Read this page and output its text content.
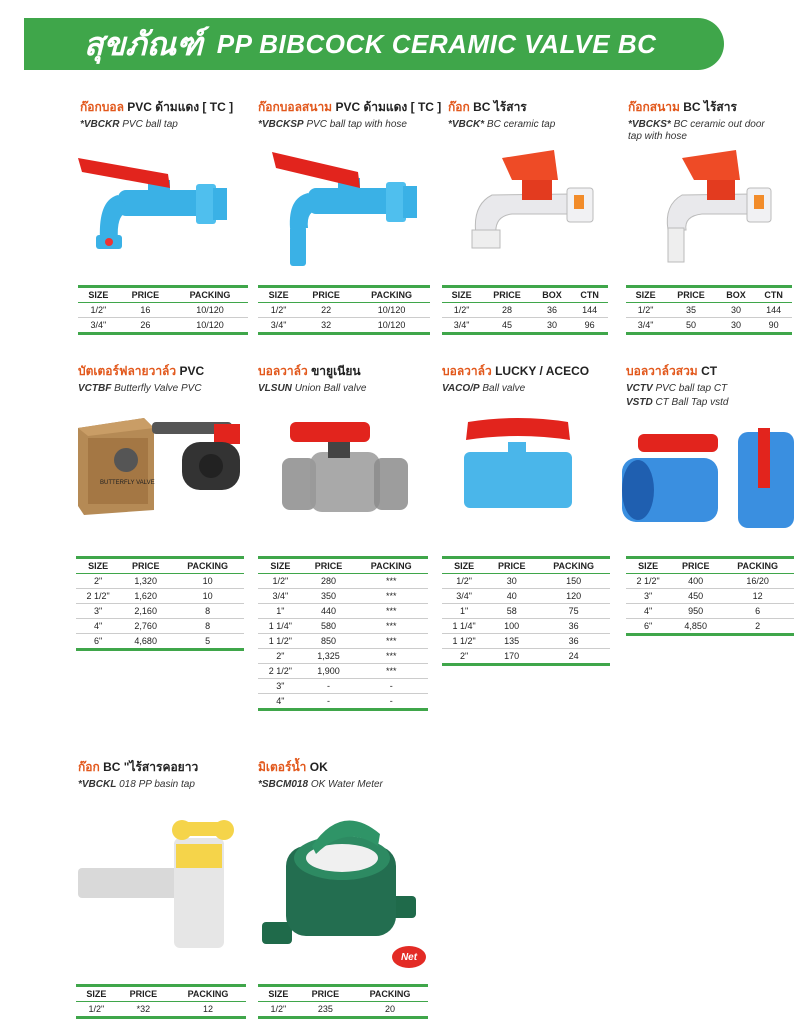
สุขภัณฑ์ PP BIBCOCK CERAMIC VALVE BC
ก๊อกบอล PVC ด้ามแดง [ TC ]
*VBCKR PVC ball tap
ก๊อกบอลสนาม PVC ด้ามแดง [ TC ]
*VBCKSP PVC ball tap with hose
ก๊อก BC ไร้สาร
*VBCK* BC ceramic tap
ก๊อกสนาม BC ไร้สาร
*VBCKS* BC ceramic out door tap with hose
SIZE	PRICE	PACKING
1/2"	16	10/120
3/4"	26	10/120
SIZE	PRICE	PACKING
1/2"	22	10/120
3/4"	32	10/120
SIZE	PRICE	BOX	CTN
1/2"	28	36	144
3/4"	45	30	96
SIZE	PRICE	BOX	CTN
1/2"	35	30	144
3/4"	50	30	90
บัตเตอร์ฟลายวาล์ว PVC
VCTBF Butterfly Valve PVC
บอลวาล์ว ขายูเนียน
VLSUN Union Ball valve
บอลวาล์ว LUCKY / ACECO
VACO/P Ball valve
บอลวาล์วสวม CT
VCTV PVC ball tap CT
VSTD CT Ball Tap vstd
BUTTERFLY VALVE
SIZE	PRICE	PACKING
2"	1,320	10
2 1/2"	1,620	10
3"	2,160	8
4"	2,760	8
6"	4,680	5
SIZE	PRICE	PACKING
1/2"	280	***
3/4"	350	***
1"	440	***
1 1/4"	580	***
1 1/2"	850	***
2"	1,325	***
2 1/2"	1,900	***
3"	-	-
4"	-	-
SIZE	PRICE	PACKING
1/2"	30	150
3/4"	40	120
1"	58	75
1 1/4"	100	36
1 1/2"	135	36
2"	170	24
SIZE	PRICE	PACKING
2 1/2"	400	16/20
3"	450	12
4"	950	6
6"	4,850	2
ก๊อก BC "ไร้สารคอยาว
*VBCKL 018 PP basin tap
มิเตอร์น้ำ OK
*SBCM018 OK Water Meter
Net
SIZE	PRICE	PACKING
1/2"	*32	12
SIZE	PRICE	PACKING
1/2"	235	20
